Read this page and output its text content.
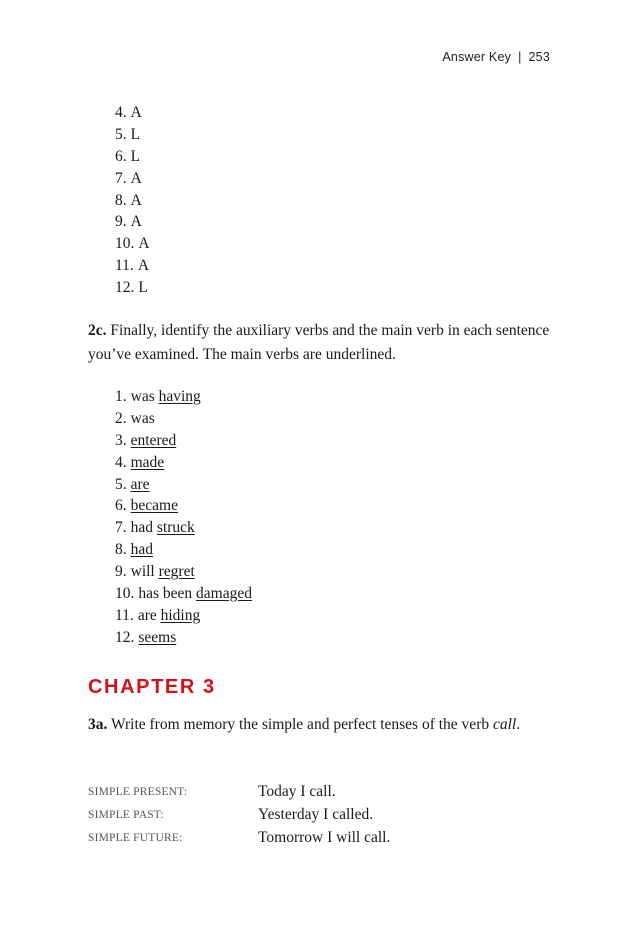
Answer Key | 253
4. A
5. L
6. L
7. A
8. A
9. A
10. A
11. A
12. L

2c. Finally, identify the auxiliary verbs and the main verb in each sentence you’ve examined. The main verbs are underlined.

1. was having
2. was
3. entered
4. made
5. are
6. became
7. had struck
8. had
9. will regret
10. has been damaged
11. are hiding
12. seems
CHAPTER 3

3a. Write from memory the simple and perfect tenses of the verb call.

SIMPLE PRESENT:	Today I call.
SIMPLE PAST:	Yesterday I called.
SIMPLE FUTURE:	Tomorrow I will call.
